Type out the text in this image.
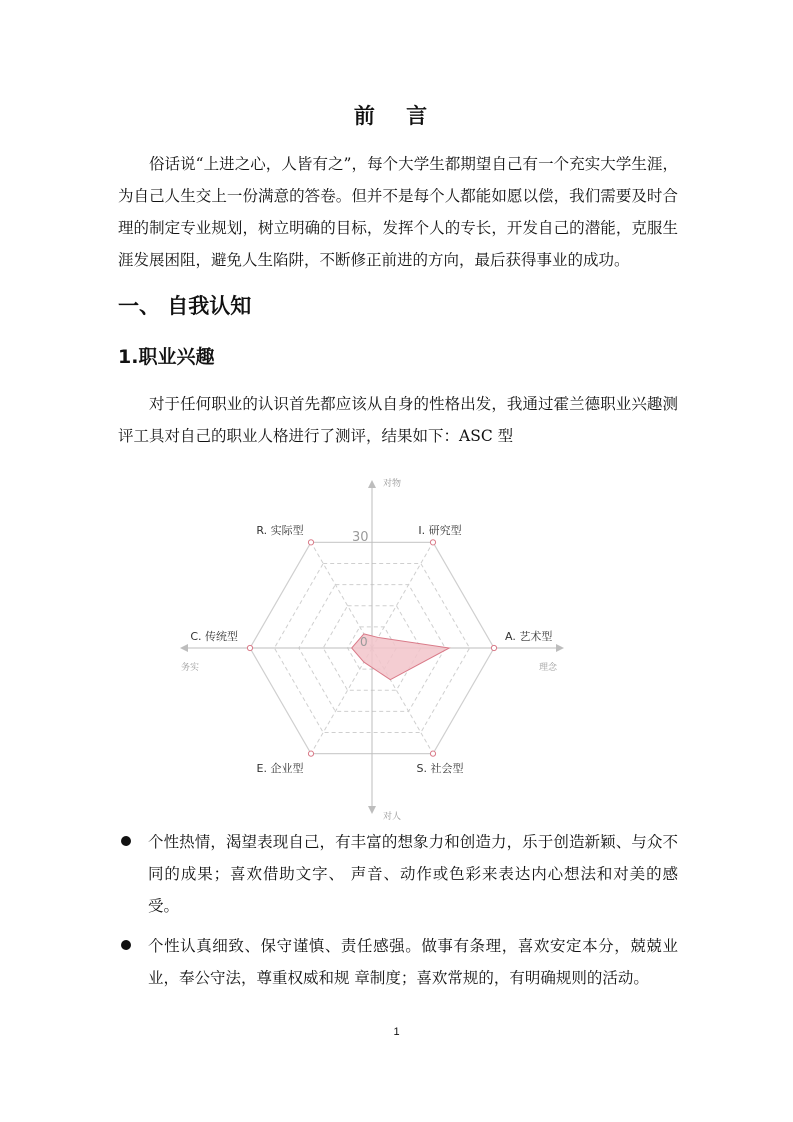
前 言
俗话说“上进之心，人皆有之”，每个大学生都期望自己有一个充实大学生涯，为自己人生交上一份满意的答卷。但并不是每个人都能如愿以偿，我们需要及时合理的制定专业规划，树立明确的目标，发挥个人的专长，开发自己的潜能，克服生涯发展困阻，避免人生陷阱，不断修正前进的方向，最后获得事业的成功。
一、 自我认知
1.职业兴趣
对于任何职业的认识首先都应该从自身的性格出发，我通过霍兰德职业兴趣测评工具对自己的职业人格进行了测评，结果如下：ASC 型
R. 实际型	I. 研究型
A. 艺术型
S. 社会型
E. 企业型
C. 传统型
30
0
对物
对人
务实	理念
个性热情，渴望表现自己，有丰富的想象力和创造力，乐于创造新颖、与众不同的成果；喜欢借助文字、 声音、动作或色彩来表达内心想法和对美的感受。
个性认真细致、保守谨慎、责任感强。做事有条理，喜欢安定本分，兢兢业业，奉公守法，尊重权威和规 章制度；喜欢常规的，有明确规则的活动。
1
